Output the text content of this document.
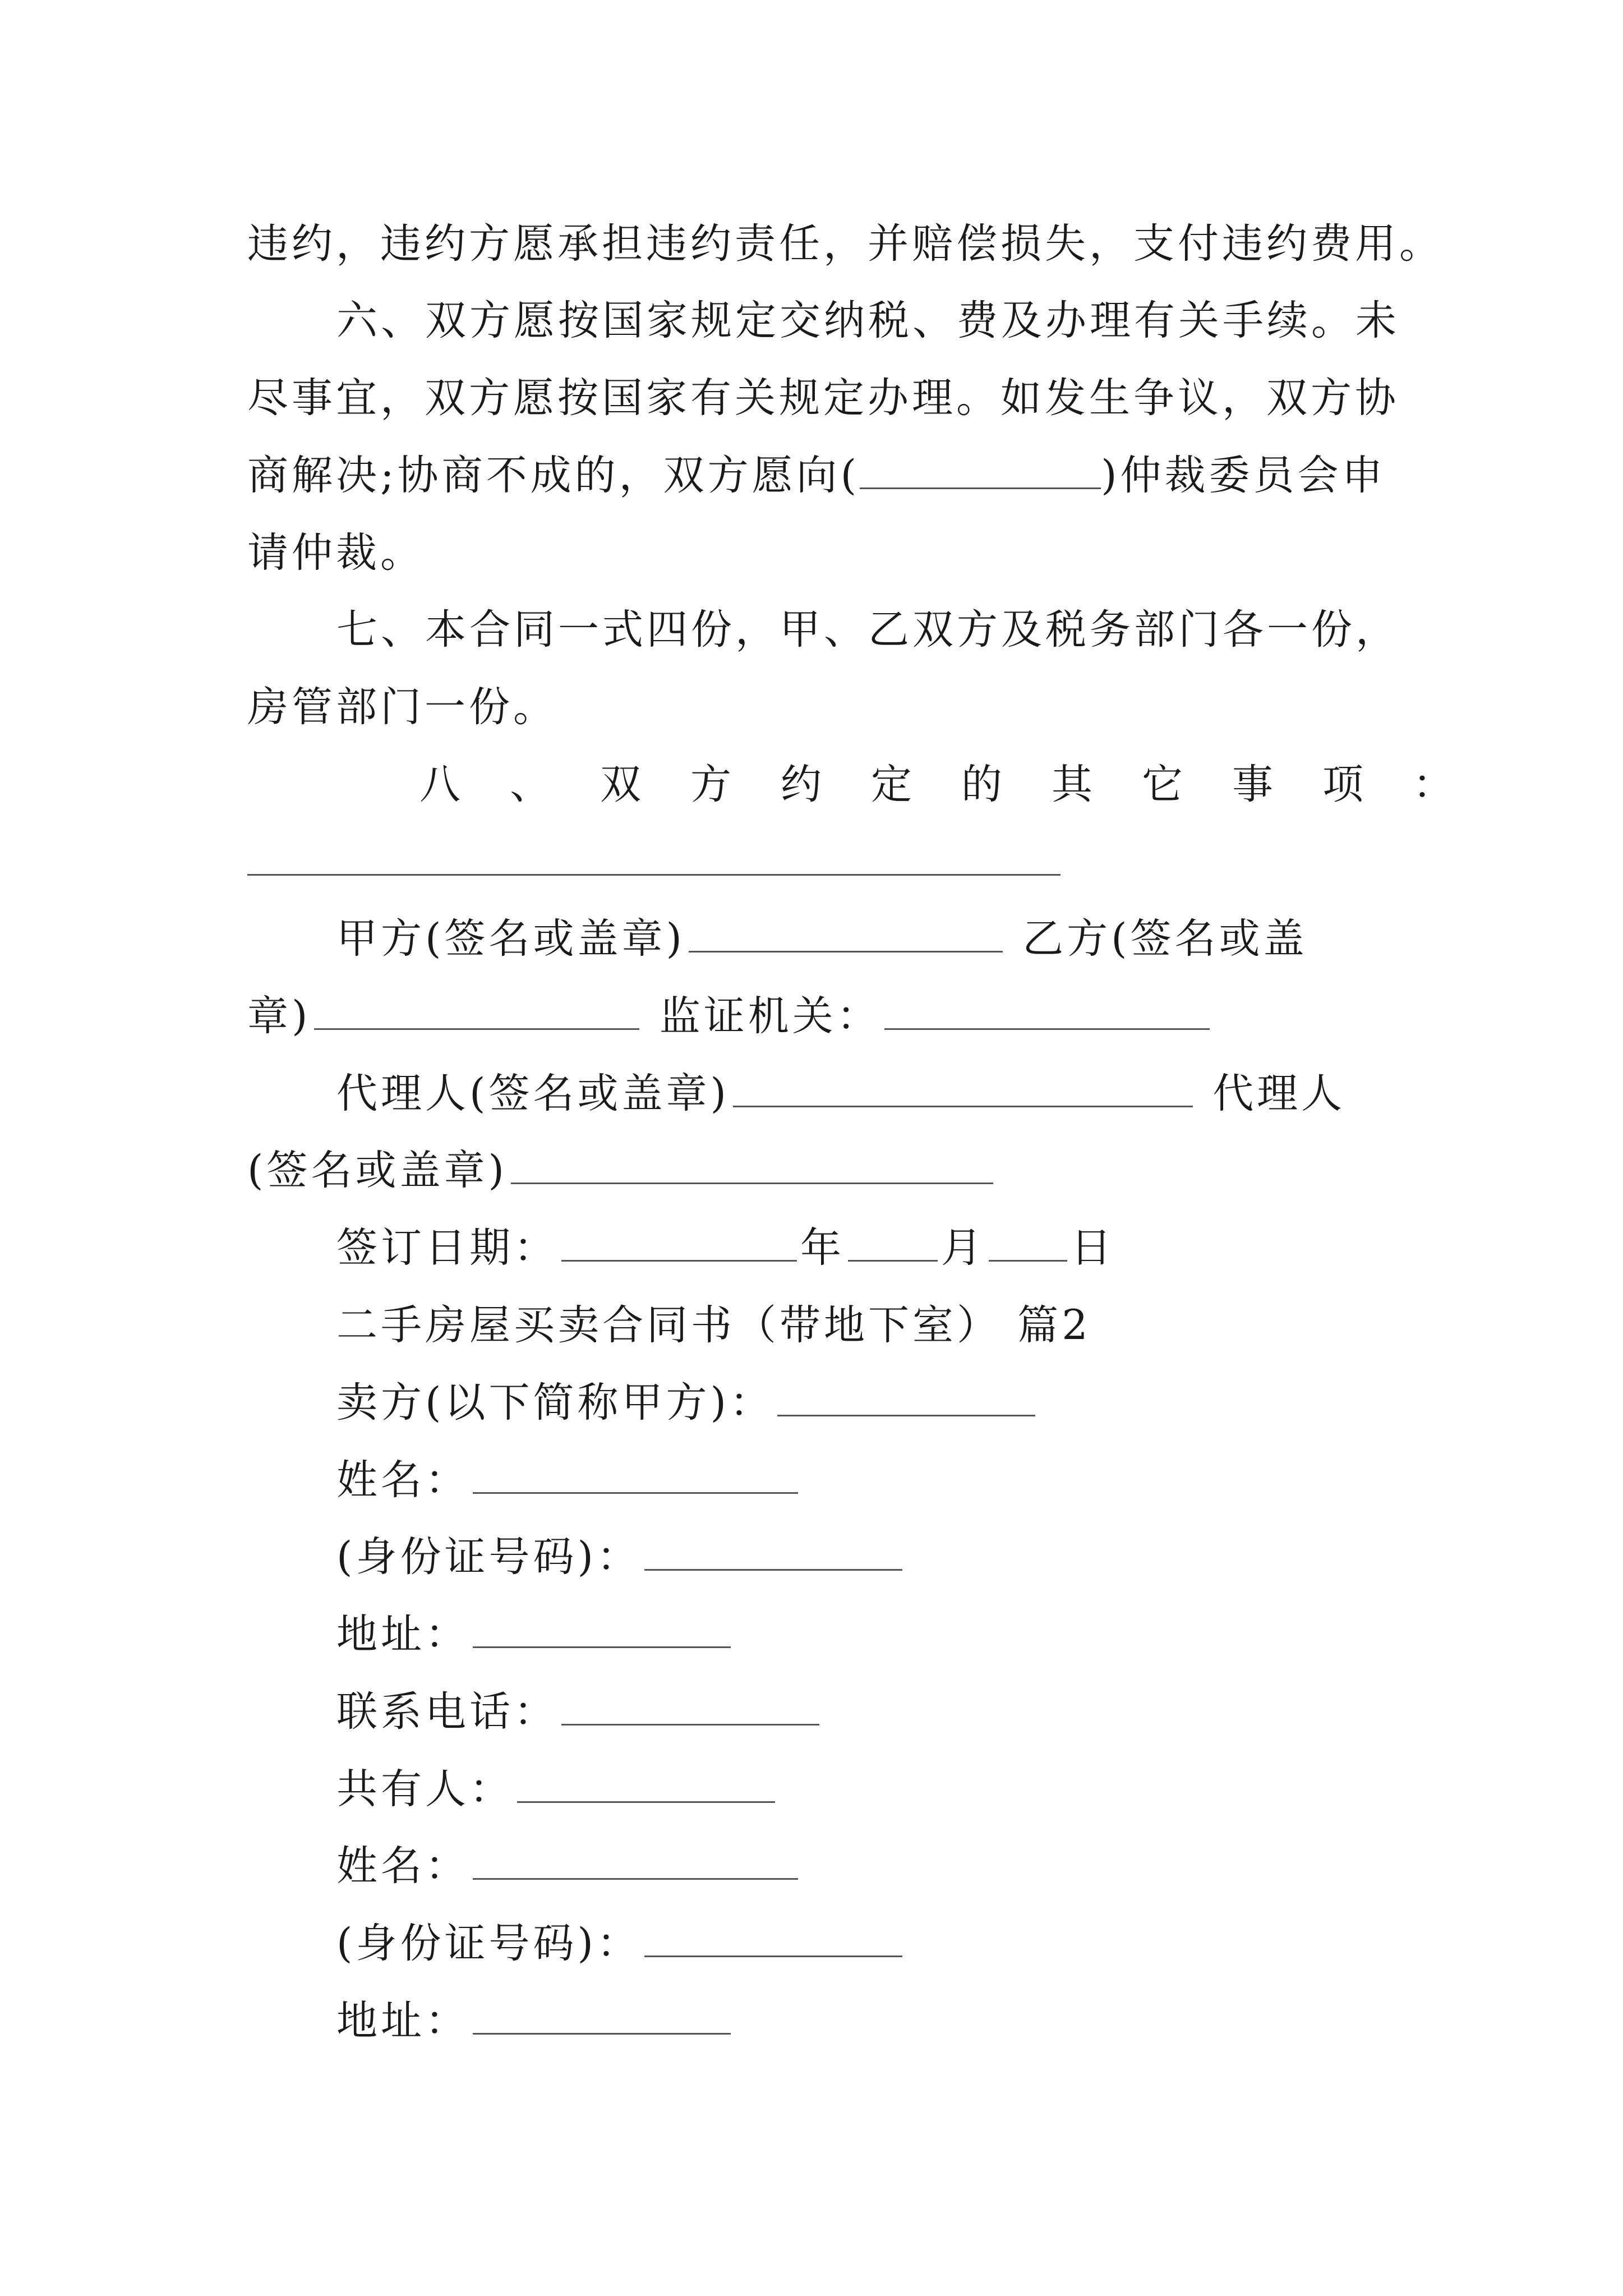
违约，违约方愿承担违约责任，并赔偿损失，支付违约费用。
六、双方愿按国家规定交纳税、费及办理有关手续。未
尽事宜，双方愿按国家有关规定办理。如发生争议，双方协
商解决;协商不成的，双方愿向(	)仲裁委员会申
请仲裁。
七、本合同一式四份，甲、乙双方及税务部门各一份，
房管部门一份。
八 、 双 方 约 定 的 其 它 事 项 ：
甲方(签名或盖章)	乙方(签名或盖
章)	监证机关：
代理人(签名或盖章)	代理人
(签名或盖章)
签订日期：	年 月 日
二手房屋买卖合同书（带地下室） 篇2
卖方(以下简称甲方)：
姓名：
(身份证号码)：
地址：
联系电话：
共有人：
姓名：
(身份证号码)：
地址：
